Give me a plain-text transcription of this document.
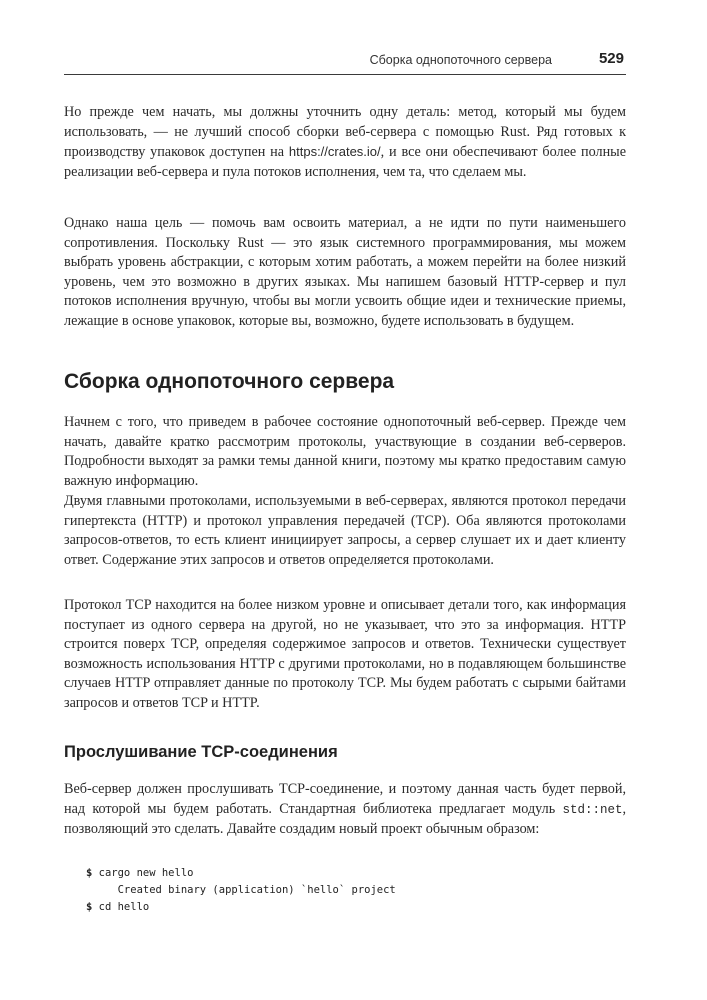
Сборка однопоточного сервера	529

Но прежде чем начать, мы должны уточнить одну деталь: метод, который мы будем использовать, — не лучший способ сборки веб-сервера с помощью Rust. Ряд готовых к производству упаковок доступен на https://crates.io/, и все они обеспечивают более полные реализации веб-сервера и пула потоков исполнения, чем та, что сделаем мы.

Однако наша цель — помочь вам освоить материал, а не идти по пути наименьшего сопротивления. Поскольку Rust — это язык системного программирования, мы можем выбрать уровень абстракции, с которым хотим работать, а можем перейти на более низкий уровень, чем это возможно в других языках. Мы напишем базовый HTTP-сервер и пул потоков исполнения вручную, чтобы вы могли усвоить общие идеи и технические приемы, лежащие в основе упаковок, которые вы, возможно, будете использовать в будущем.

Сборка однопоточного сервера

Начнем с того, что приведем в рабочее состояние однопоточный веб-сервер. Прежде чем начать, давайте кратко рассмотрим протоколы, участвующие в создании веб-серверов. Подробности выходят за рамки темы данной книги, поэтому мы кратко предоставим самую важную информацию.

Двумя главными протоколами, используемыми в веб-серверах, являются протокол передачи гипертекста (HTTP) и протокол управления передачей (TCP). Оба являются протоколами запросов-ответов, то есть клиент инициирует запросы, а сервер слушает их и дает клиенту ответ. Содержание этих запросов и ответов определяется протоколами.

Протокол TCP находится на более низком уровне и описывает детали того, как информация поступает из одного сервера на другой, но не указывает, что это за информация. HTTP строится поверх TCP, определяя содержимое запросов и ответов. Технически существует возможность использования HTTP с другими протоколами, но в подавляющем большинстве случаев HTTP отправляет данные по протоколу TCP. Мы будем работать с сырыми байтами запросов и ответов TCP и HTTP.

Прослушивание TCP-соединения

Веб-сервер должен прослушивать TCP-соединение, и поэтому данная часть будет первой, над которой мы будем работать. Стандартная библиотека предлагает модуль std::net, позволяющий это сделать. Давайте создадим новый проект обычным образом:

$ cargo new hello
Created binary (application) `hello` project
$ cd hello
